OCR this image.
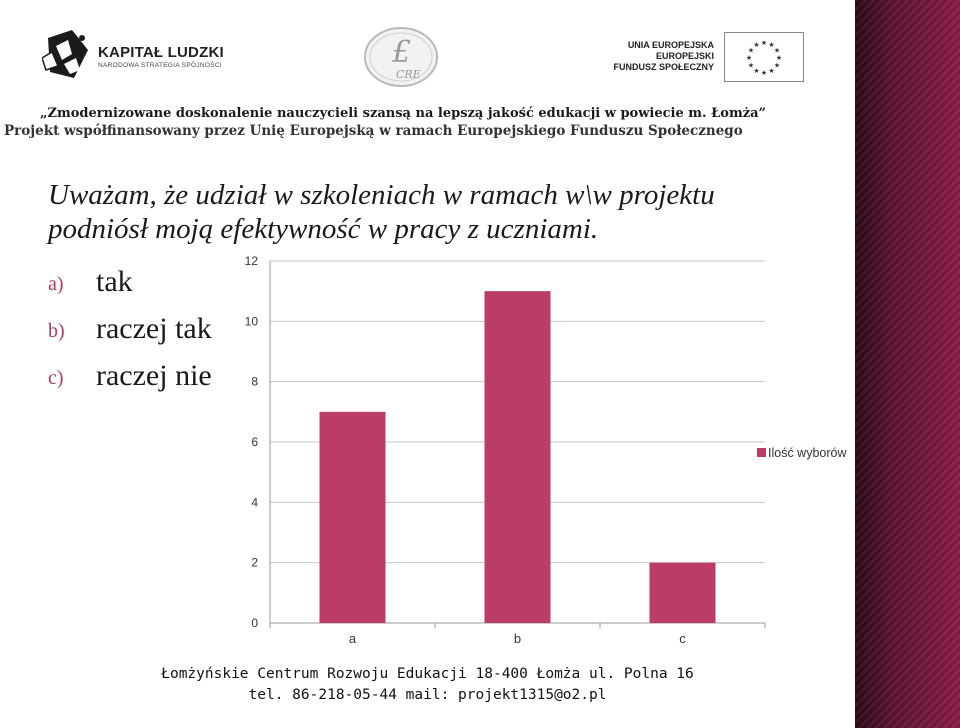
KAPITAŁ LUDZKI
NARODOWA STRATEGIA SPÓJNOŚCI	£
CRE
UNIA EUROPEJSKA
EUROPEJSKI
FUNDUSZ SPOŁECZNY
★
★
★
★
★
★
★
★
★ ★ ★
★
„Zmodernizowane doskonalenie nauczycieli szansą na lepszą jakość edukacji w powiecie m. Łomża”
Projekt współfinansowany przez Unię Europejską w ramach Europejskiego Funduszu Społecznego
Uważam, że udział w szkoleniach w ramach w\w projektu podniósł moją efektywność w pracy z uczniami.
a) tak
b) raczej tak
c) raczej nie
0
2
4
6
8
10
12
a	b	c
Ilość wyborów
Łomżyńskie Centrum Rozwoju Edukacji 18-400 Łomża ul. Polna 16
tel. 86-218-05-44 mail: projekt1315@o2.pl
